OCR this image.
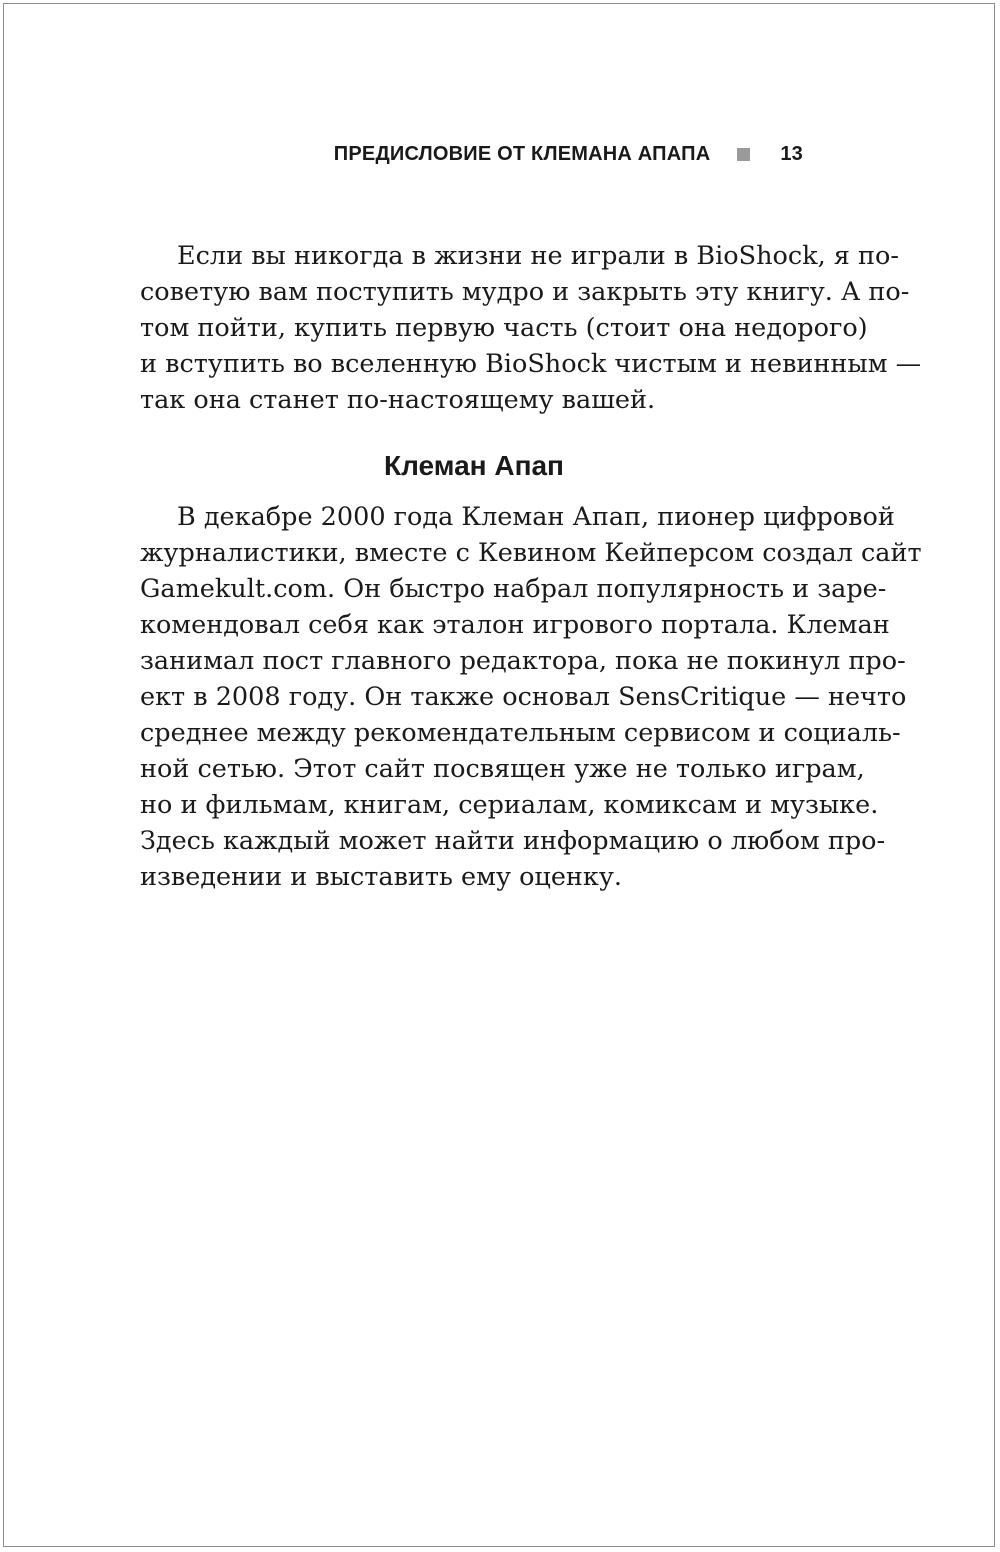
ПРЕДИСЛОВИЕ ОТ КЛЕМАНА АПАПА	13
Если вы никогда в жизни не играли в BioShock, я по-
советую вам поступить мудро и закрыть эту книгу. А по-
том пойти, купить первую часть (стоит она недорого)
и вступить во вселенную BioShock чистым и невинным —
так она станет по-настоящему вашей.
Клеман Апап
В декабре 2000 года Клеман Апап, пионер цифровой
журналистики, вместе с Кевином Кейперсом создал сайт
Gamekult.com. Он быстро набрал популярность и заре-
комендовал себя как эталон игрового портала. Клеман
занимал пост главного редактора, пока не покинул про-
ект в 2008 году. Он также основал SensCritique — нечто
среднее между рекомендательным сервисом и социаль-
ной сетью. Этот сайт посвящен уже не только играм,
но и фильмам, книгам, сериалам, комиксам и музыке.
Здесь каждый может найти информацию о любом про-
изведении и выставить ему оценку.
